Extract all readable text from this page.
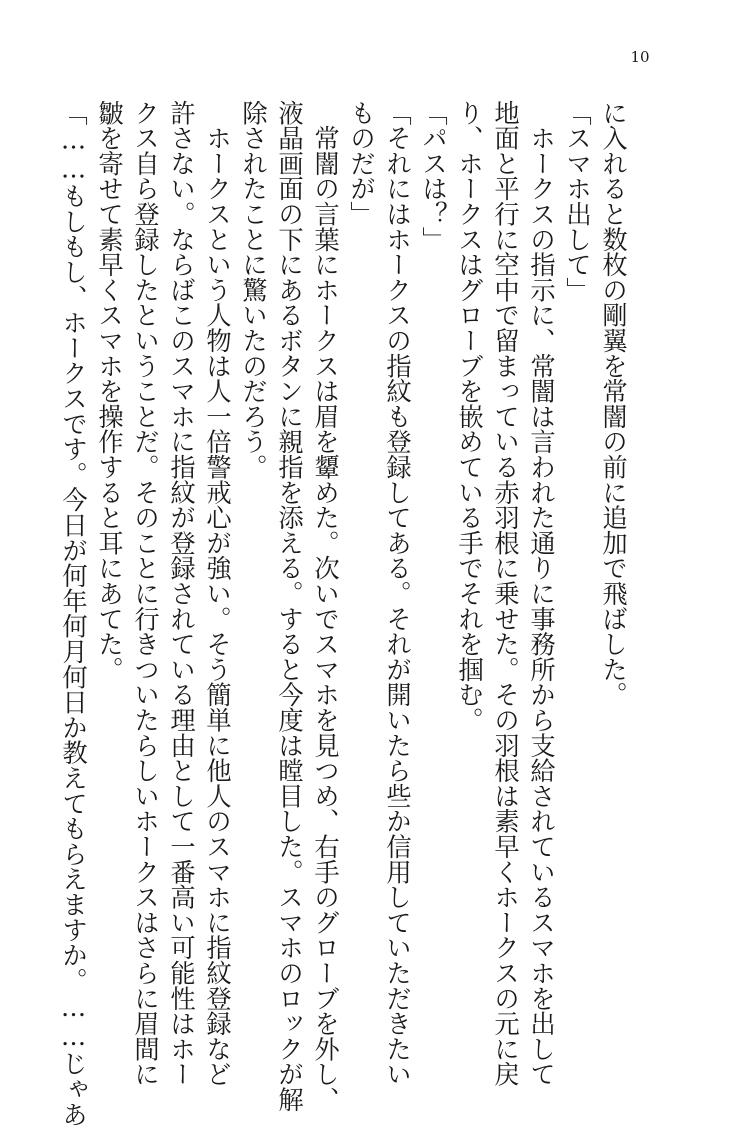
10
に入れると数枚の剛翼を常闇の前に追加で飛ばした。
「スマホ出して」
　ホークスの指示に、常闇は言われた通りに事務所から支給されているスマホを出して
地面と平行に空中で留まっている赤羽根に乗せた。その羽根は素早くホークスの元に戻
り、ホークスはグローブを嵌めている手でそれを掴む。
「パスは？」
「それにはホークスの指紋も登録してある。それが開いたら些か信用していただきたい
ものだが」
　常闇の言葉にホークスは眉を顰めた。次いでスマホを見つめ、右手のグローブを外し、
液晶画面の下にあるボタンに親指を添える。すると今度は瞠目した。スマホのロックが解
除されたことに驚いたのだろう。
　ホークスという人物は人一倍警戒心が強い。そう簡単に他人のスマホに指紋登録など
許さない。ならばこのスマホに指紋が登録されている理由として一番高い可能性はホー
クス自ら登録したということだ。そのことに行きついたらしいホークスはさらに眉間に
皺を寄せて素早くスマホを操作すると耳にあてた。
「……もしもし、ホークスです。今日が何年何月何日か教えてもらえますか。……じゃあ
